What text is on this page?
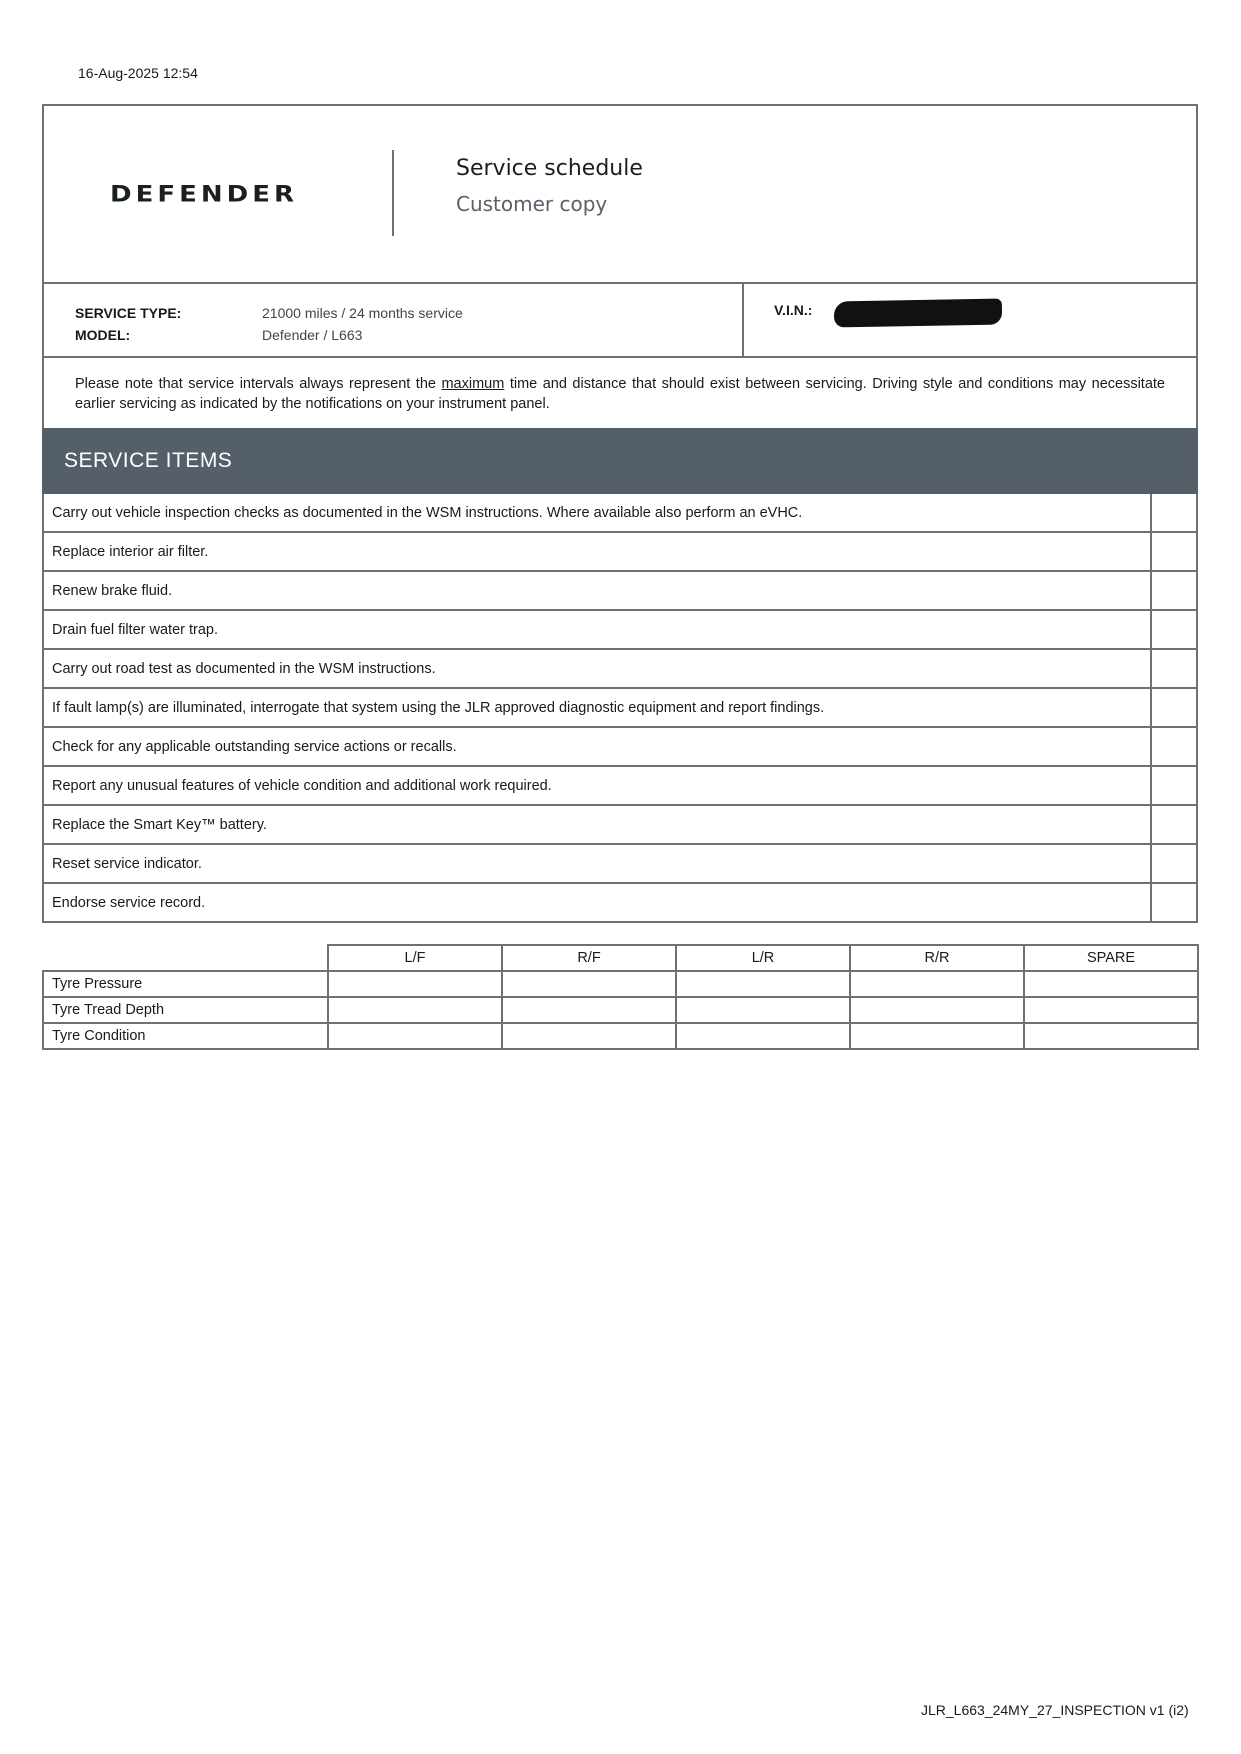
16-Aug-2025 12:54
DEFENDER
Service schedule
Customer copy
SERVICE TYPE:	21000 miles / 24 months service
MODEL:	Defender / L663
V.I.N.:
Please note that service intervals always represent the maximum time and distance that should exist between servicing. Driving style and conditions may necessitate earlier servicing as indicated by the notifications on your instrument panel.
SERVICE ITEMS
Carry out vehicle inspection checks as documented in the WSM instructions. Where available also perform an eVHC.
Replace interior air filter.
Renew brake fluid.
Drain fuel filter water trap.
Carry out road test as documented in the WSM instructions.
If fault lamp(s) are illuminated, interrogate that system using the JLR approved diagnostic equipment and report findings.
Check for any applicable outstanding service actions or recalls.
Report any unusual features of vehicle condition and additional work required.
Replace the Smart Key™ battery.
Reset service indicator.
Endorse service record.
	L/F	R/F	L/R	R/R	SPARE
Tyre Pressure					
Tyre Tread Depth					
Tyre Condition					
JLR_L663_24MY_27_INSPECTION v1 (i2)
